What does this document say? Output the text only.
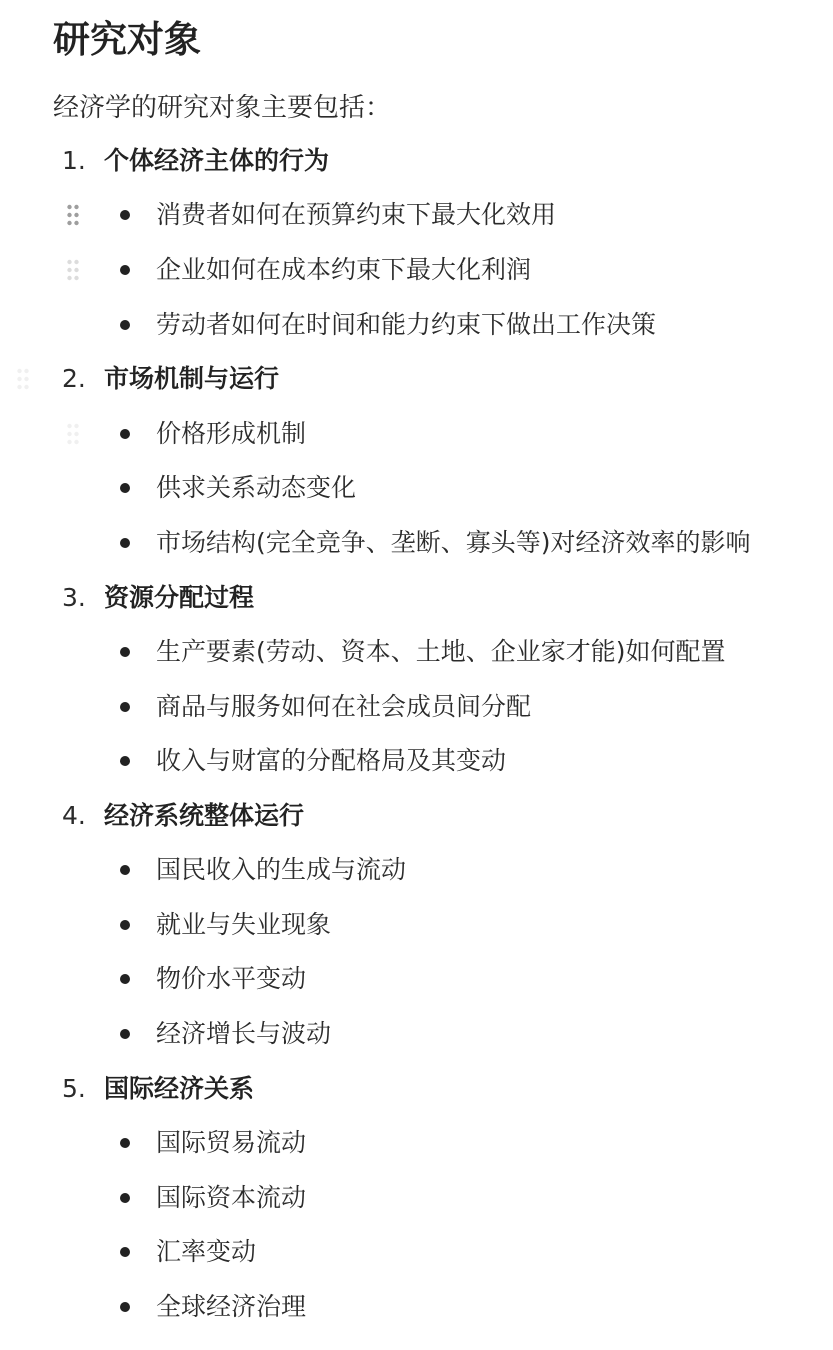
研究对象
经济学的研究对象主要包括：
1. 个体经济主体的行为
消费者如何在预算约束下最大化效用
企业如何在成本约束下最大化利润
劳动者如何在时间和能力约束下做出工作决策
2. 市场机制与运行
价格形成机制
供求关系动态变化
市场结构(完全竞争、垄断、寡头等)对经济效率的影响
3. 资源分配过程
生产要素(劳动、资本、土地、企业家才能)如何配置
商品与服务如何在社会成员间分配
收入与财富的分配格局及其变动
4. 经济系统整体运行
国民收入的生成与流动
就业与失业现象
物价水平变动
经济增长与波动
5. 国际经济关系
国际贸易流动
国际资本流动
汇率变动
全球经济治理
